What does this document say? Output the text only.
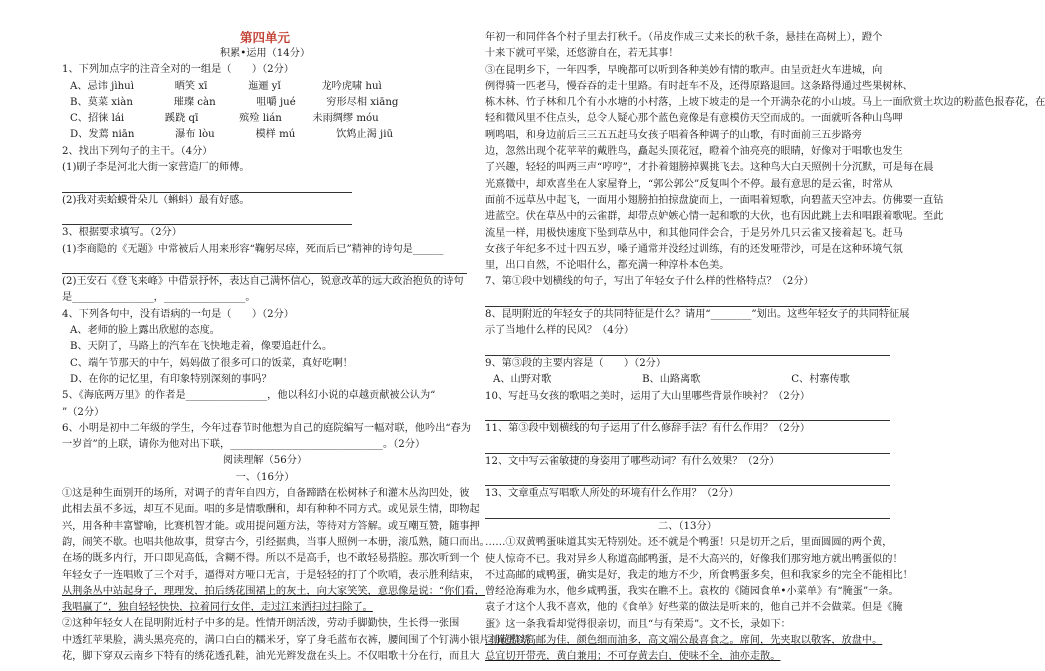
第四单元
积累•运用（14分）
1、下列加点字的注音全对的一组是（　　）（2分）
A、忌讳 jìhuì　　　　晒笑 xī　　　　迤逦 yǐ　　　　龙吟虎啸 huì
B、莫菜 xiàn　　　　璀璨 càn　　　　咀嚼 jué　　　穷形尽相 xiāng
C、招徕 lái　　　　蹊跷 qī　　　　殡殓 lián　　　未雨绸缪 móu
D、发蔫 niān　　　　瀑布 lòu　　　　模样 mú　　　　饮鸩止渴 jiū
2、找出下列句子的主干。（4分）
(1)刷子李是河北大街一家营造厂的师傅。
(2)我对卖蛤蟆骨朵儿（蝌蚪）最有好感。
3、根据要求填写。（2分）
(1)李商隐的《无题》中常被后人用来形容“鞠躬尽瘁，死而后已”精神的诗句是______
(2)王安石《登飞来峰》中借景抒怀，表达自己满怀信心，锐意改革的远大政治抱负的诗句
是________________，________________。
4、下列各句中，没有语病的一句是（　　）（2分）
A、老师的脸上露出欣慰的态度。
B、天阴了，马路上的汽车在飞快地走着，像要追赶什么。
C、端午节那天的中午，妈妈做了很多可口的饭菜，真好吃啊！
D、在你的记忆里，有印象特别深刻的事吗？
5、《海底两万里》的作者是________________，他以科幻小说的卓越贡献被公认为“
”（2分）
6、小明是初中二年级的学生，今年过春节时他想为自己的庭院编写一幅对联，他吟出“春为
一岁首”的上联，请你为他对出下联，______________________________。（2分）
阅读理解（56分）
一、（16分）
①这是种生面别开的场所，对调子的青年自四方，自备蹄踏在松树林子和灌木丛沟凹处，彼
此相去虽不多远，却互不见面。唱的多是情歌酬和，却有种种不同方式。或见景生情，即物起
兴，用各种丰富譬喻，比赛机智才能。或用提问题方法，等待对方答解。或互嘲互赞，随事押
韵，闹笑不歇。也唱共他故事，贯穿古今，引经据典，当事人照例一本册，滚瓜熟，随口而出。
在场的既多内行，开口即见高低，含糊不得。所以不是高手，也不敢轻易搭腔。那次听到一个
年轻女子一连唱败了三个对手，逼得对方哑口无言，于是轻轻的打了个吹哨，表示胜利结束，
从荆条丛中站起身子，理理发，拍后绣花围裙上的灰土，向大家笑笑，意思像是说：“你们看，
我唱赢了”，独自轻轻快快，拉着同行女伴，走过江来洒扫过扫除了。
②这种年轻女人在昆明附近村子中多的是。性情开朗活泼，劳动手脚勤快，生长得一张围
中透红苹果脸，满头黑亮亮的，满口白白的糯米牙，穿了身毛蓝布衣裤，腰间围了个钉满小银片扣花整绣
花，脚下穿双云南乡下特有的绣花透孔鞋，油光光辫发盘在头上。不仅唱歌十分在行，而且大
年初一和同伴各个村子里去打秋千。（吊皮作成三丈来长的秋千条，悬挂在高树上），蹬个
十来下就可平梁，还悠游自在，若无其事！
③在昆明乡下，一年四季，早晚都可以听到各种美妙有情的歌声。由呈贡赶火车进城，向
例得骑一匹老马，慢吞吞的走十里路。有时赶车不及，还得原路退回。这条路得通过些果树林、
栋木林、竹子林和几个有小水塘的小村落，上坡下坡走的是一个开满杂花的小山坡。马上一面欣赏土坎边的粉蓝色报春花，在
轻和微风里不住点头，总令人疑心那个蓝色竟像是有意模仿天空而成的。一面就听各种山鸟呷
咧鸣唱，和身边前后三三五五赶马女孩子唱着各种调子的山歌，有时面前三五步路旁
边，忽然出现个花苹苹的戴胜鸟，矗起头顶花冠，瞪着个油亮亮的眼睛，好像对于唱歌也发生
了兴趣，轻轻的叫两三声“哼哼”，才扑着翅膀掉翼挑飞去。这种鸟大白天照例十分沉默，可是每在晨
光熹微中，却欢喜坐在人家屋脊上，“郭公郭公”反复叫个不停。最有意思的是云雀，时常从
面前不远草丛中起飞，一面用小翅膀拍拍掠盘旋而上，一面唱着短歌，向碧蓝天空冲去。仿佛要一直钻
进蓝空。伏在草丛中的云雀群，却带点妒嫉心情一起和歌的大伙，也有因此跳上去和唱跟着歌呢。至此
流星一样，用极快速度下坠到草丛中，和其他同伴会合，于是另外几只云雀又接着起飞。赶马
女孩子年纪多不过十四五岁，嗓子通常并没经过训练，有的还发哑带沙，可是在这种环境气氛
里，出口自然，不论唱什么，都充满一种淳朴本色美。
7、第①段中划横线的句子，写出了年轻女子什么样的性格特点？（2分）
8、昆明附近的年轻女子的共同特征是什么？请用“________”划出。这些年轻女子的共同特征展
示了当地什么样的民风？（4分）
9、第③段的主要内容是（　　）（2分）
A、山野对歌	B、山路离歌	C、村寨传歌
10、写赶马女孩的歌唱之美时，运用了大山里哪些背景作映衬？（2分）
11、第③段中划横线的句子运用了什么修辞手法？有什么作用？（2分）
12、文中写云雀敏捷的身姿用了哪些动词？有什么效果？（2分）
13、文章重点写唱歌人所处的环境有什么作用？（2分）
二、（13分）
……①双黄鸭蛋味道其实无特别处。还不就是个鸭蛋！只是切开之后，里面圆圆的两个黄，
使人惊奇不已。我对异乡人称道高邮鸭蛋，是不大高兴的，好像我们那穷地方就出鸭蛋似的！
不过高邮的咸鸭蛋，确实是好，我走的地方不少，所食鸭蛋多矣，但和我家乡的完全不能相比！
曾经沧海难为水，他乡咸鸭蛋，我实在瞧不上。袁枚的《随园食单•小菜单》有“腌蛋”一条。
袁子才这个人我不喜欢，他的《食单》好些菜的做法是听来的，他自己并不会做菜。但是《腌
蛋》这一条我看却觉得很亲切，而且“与有荣焉”。文不长，录如下：
②腌蛋以高邮为佳，颜色细而油多，高文端公最喜食之。席间，先夹取以敬客，放盘中。
总宜切开带壳，黄白兼用；不可存黄去白，使味不全，油亦走散。
